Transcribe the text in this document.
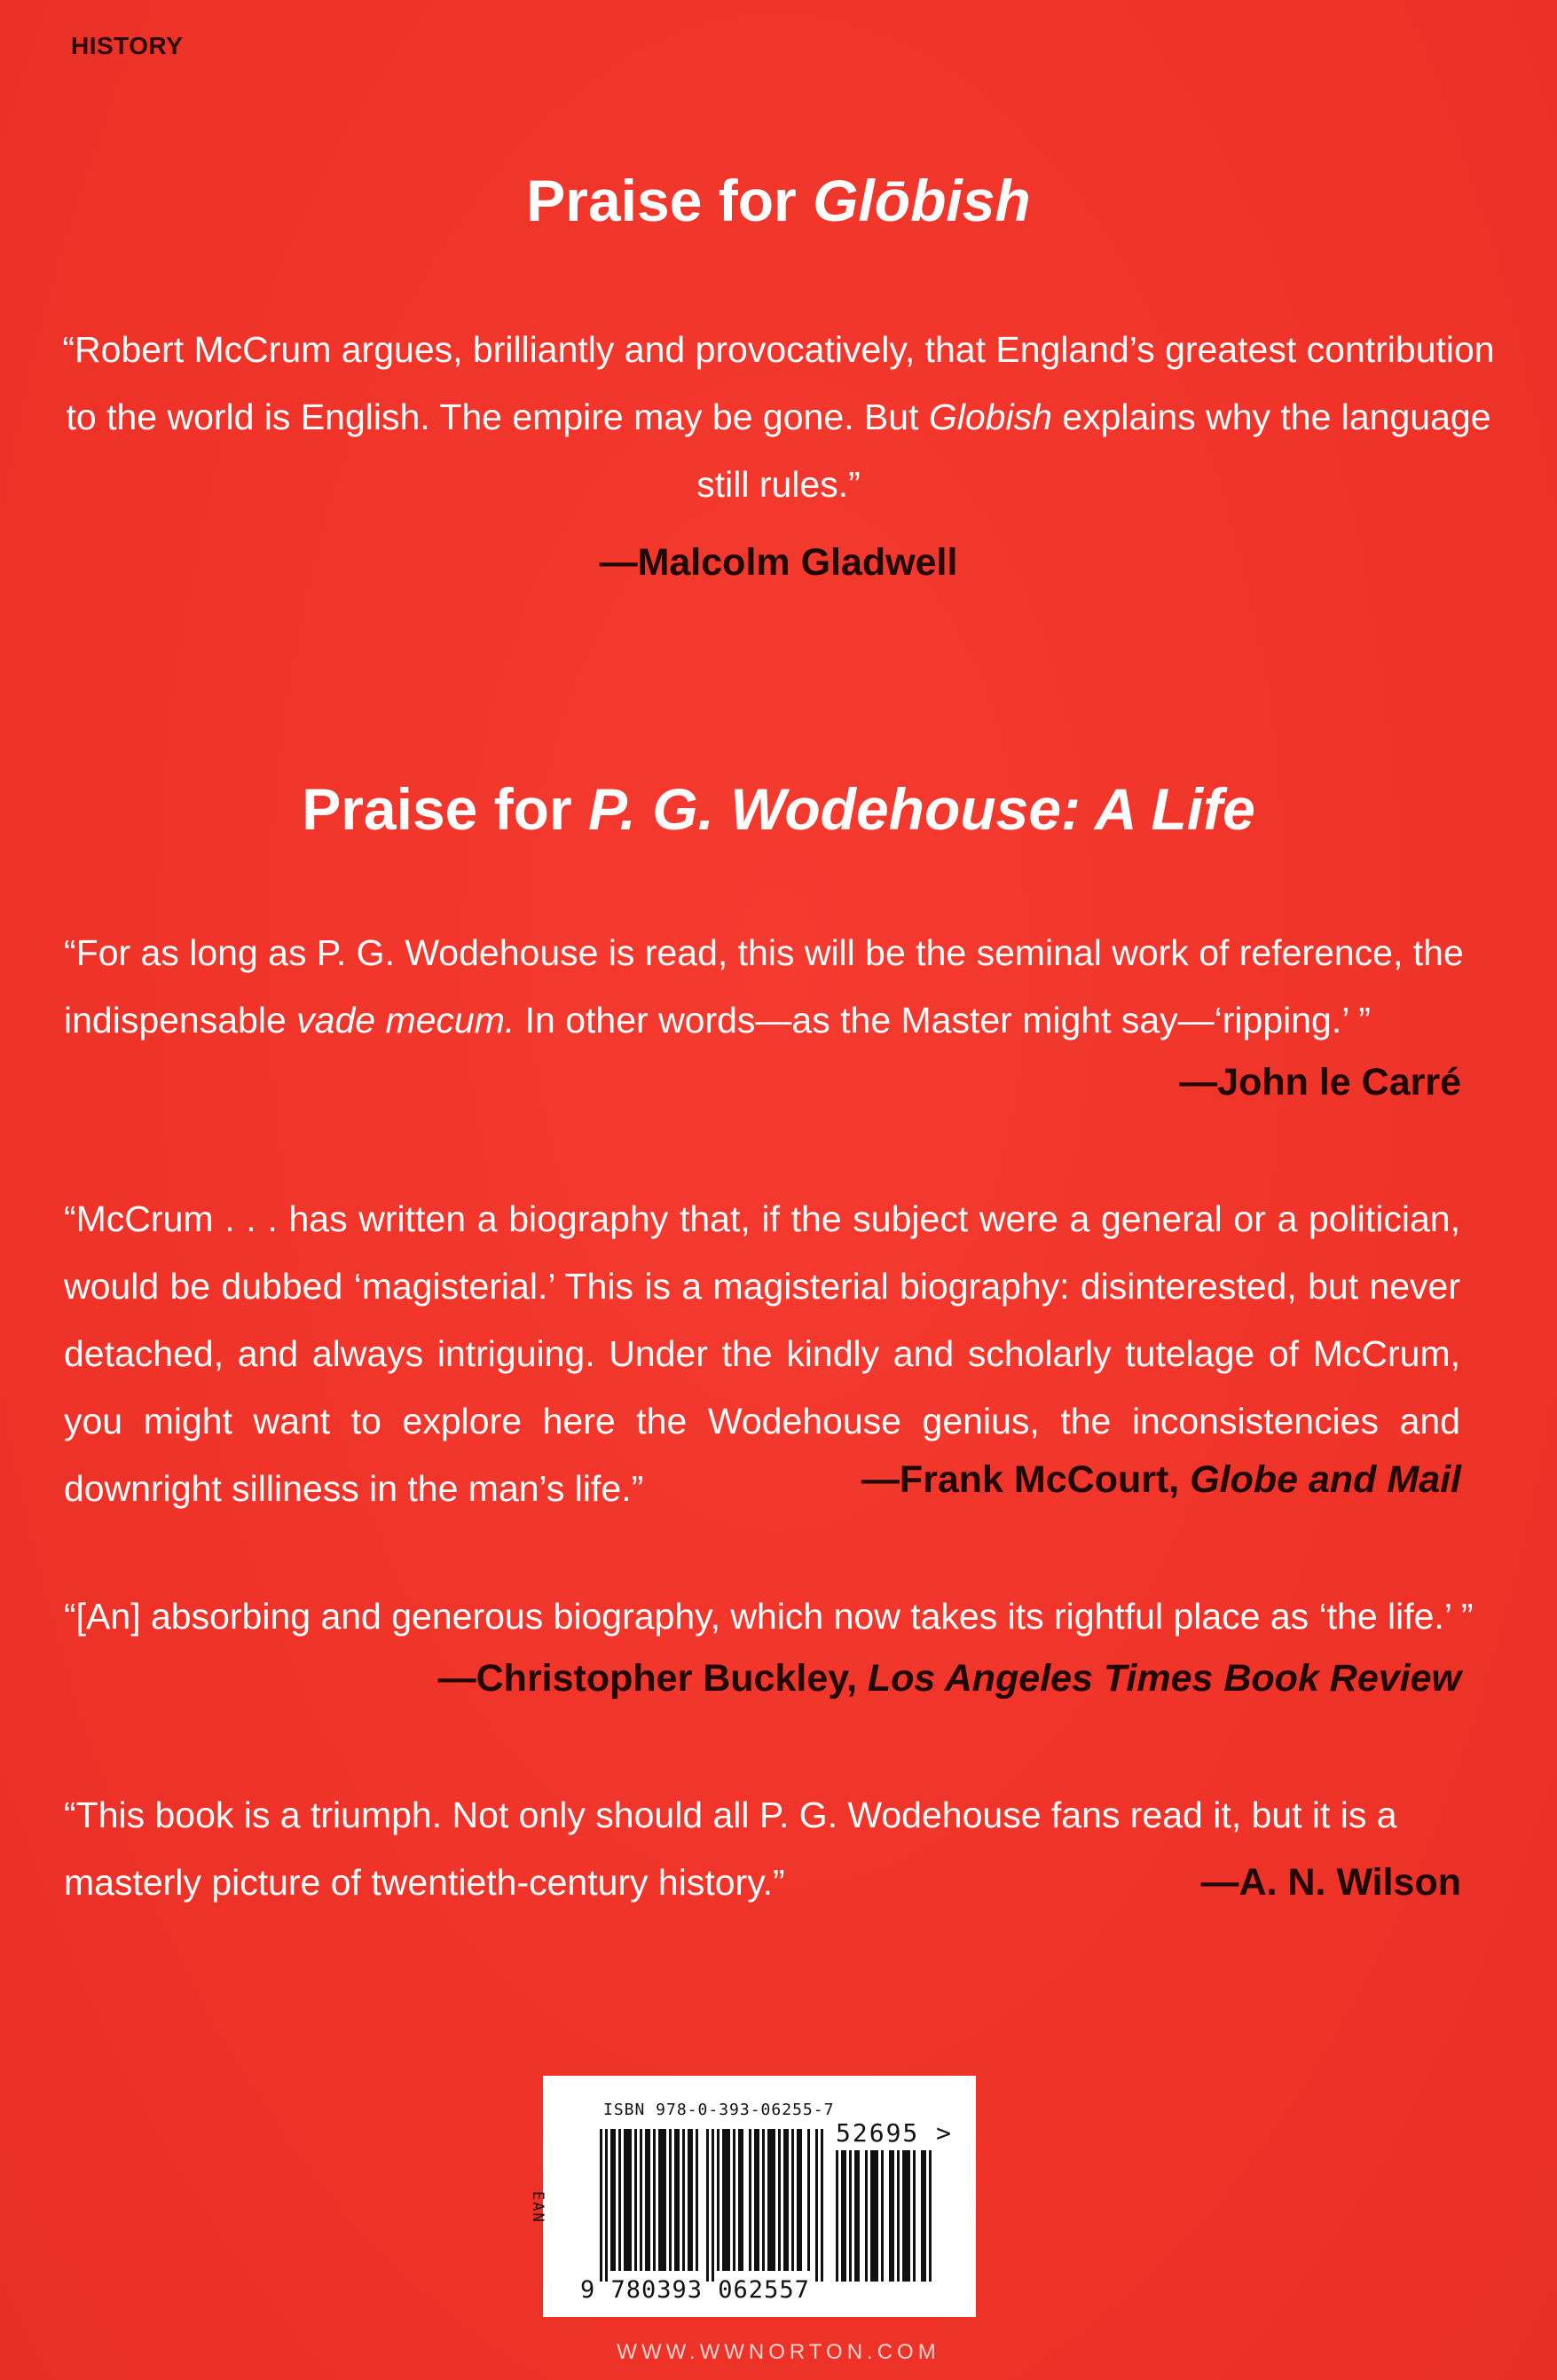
HISTORY
Praise for Glōbish

“Robert McCrum argues, brilliantly and provocatively, that England’s greatest contribution to the world is English. The empire may be gone. But Globish explains why the language still rules.”

—Malcolm Gladwell
Praise for P. G. Wodehouse: A Life

“For as long as P. G. Wodehouse is read, this will be the seminal work of reference, the indispensable vade mecum. In other words—as the Master might say—‘ripping.’ ”

—John le Carré

“McCrum . . . has written a biography that, if the subject were a general or a politician, would be dubbed ‘magisterial.’ This is a magisterial biography: disinterested, but never detached, and always intriguing. Under the kindly and scholarly tutelage of McCrum, you might want to explore here the Wodehouse genius, the inconsistencies and downright silliness in the man’s life.”	—Frank McCourt, Globe and Mail

“[An] absorbing and generous biography, which now takes its rightful place as ‘the life.’ ”

—Christopher Buckley, Los Angeles Times Book Review

“This book is a triumph. Not only should all P. G. Wodehouse fans read it, but it is a masterly picture of twentieth-century history.”	—A. N. Wilson
ISBN 978-0-393-06255-7
EAN
52695 >
9 780393 062557
WWW.WWNORTON.COM
